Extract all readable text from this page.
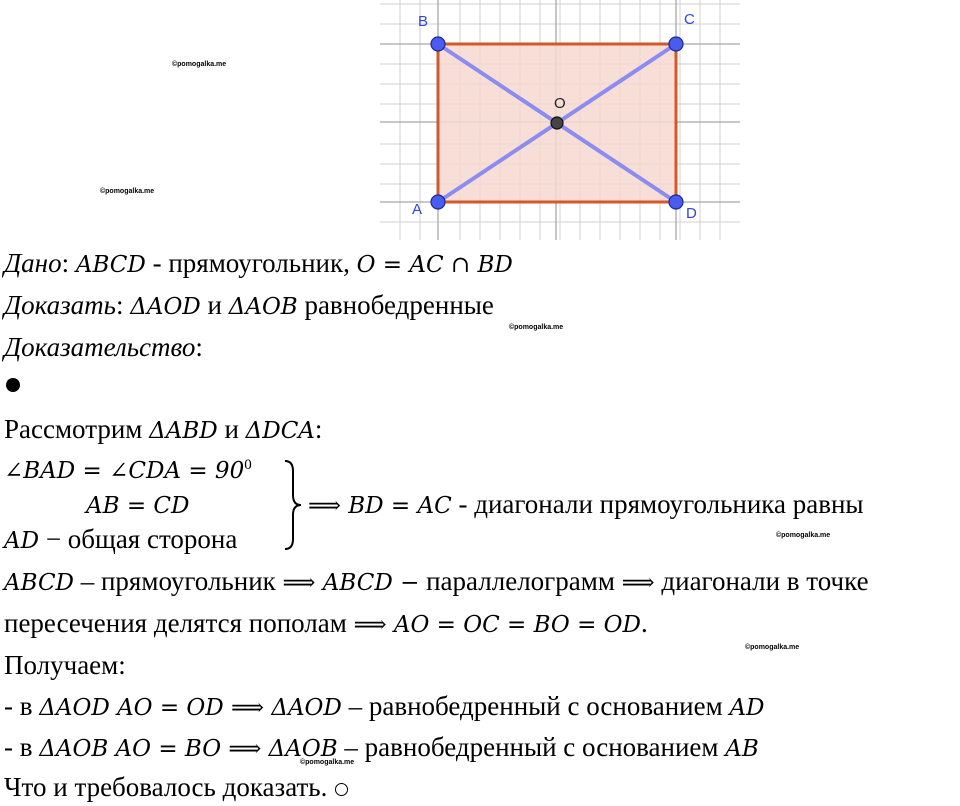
A
B	C
D
O
©pomogalka.me
©pomogalka.me
©pomogalka.me
©pomogalka.me
©pomogalka.me
©pomogalka.me
Дано: ABCD - прямоугольник, O = AC ∩ BD
Доказать: ΔAOD и ΔAOB равнобедренные
Доказательство:
Рассмотрим ΔABD и ΔDCA:
∠BAD = ∠CDA = $90^0$
AB = CD
AD − общая сторона
⟹ BD = AC - диагонали прямоугольника равны
ABCD – прямоугольник ⟹ ABCD − параллелограмм ⟹ диагонали в точке
пересечения делятся пополам ⟹ AO = OC = BO = OD.
Получаем:
- в ΔAOD AO = OD ⟹ ΔAOD – равнобедренный с основанием AD
- в ΔAOB AO = BO ⟹ ΔAOB – равнобедренный с основанием AB
Что и требовалось доказать.
